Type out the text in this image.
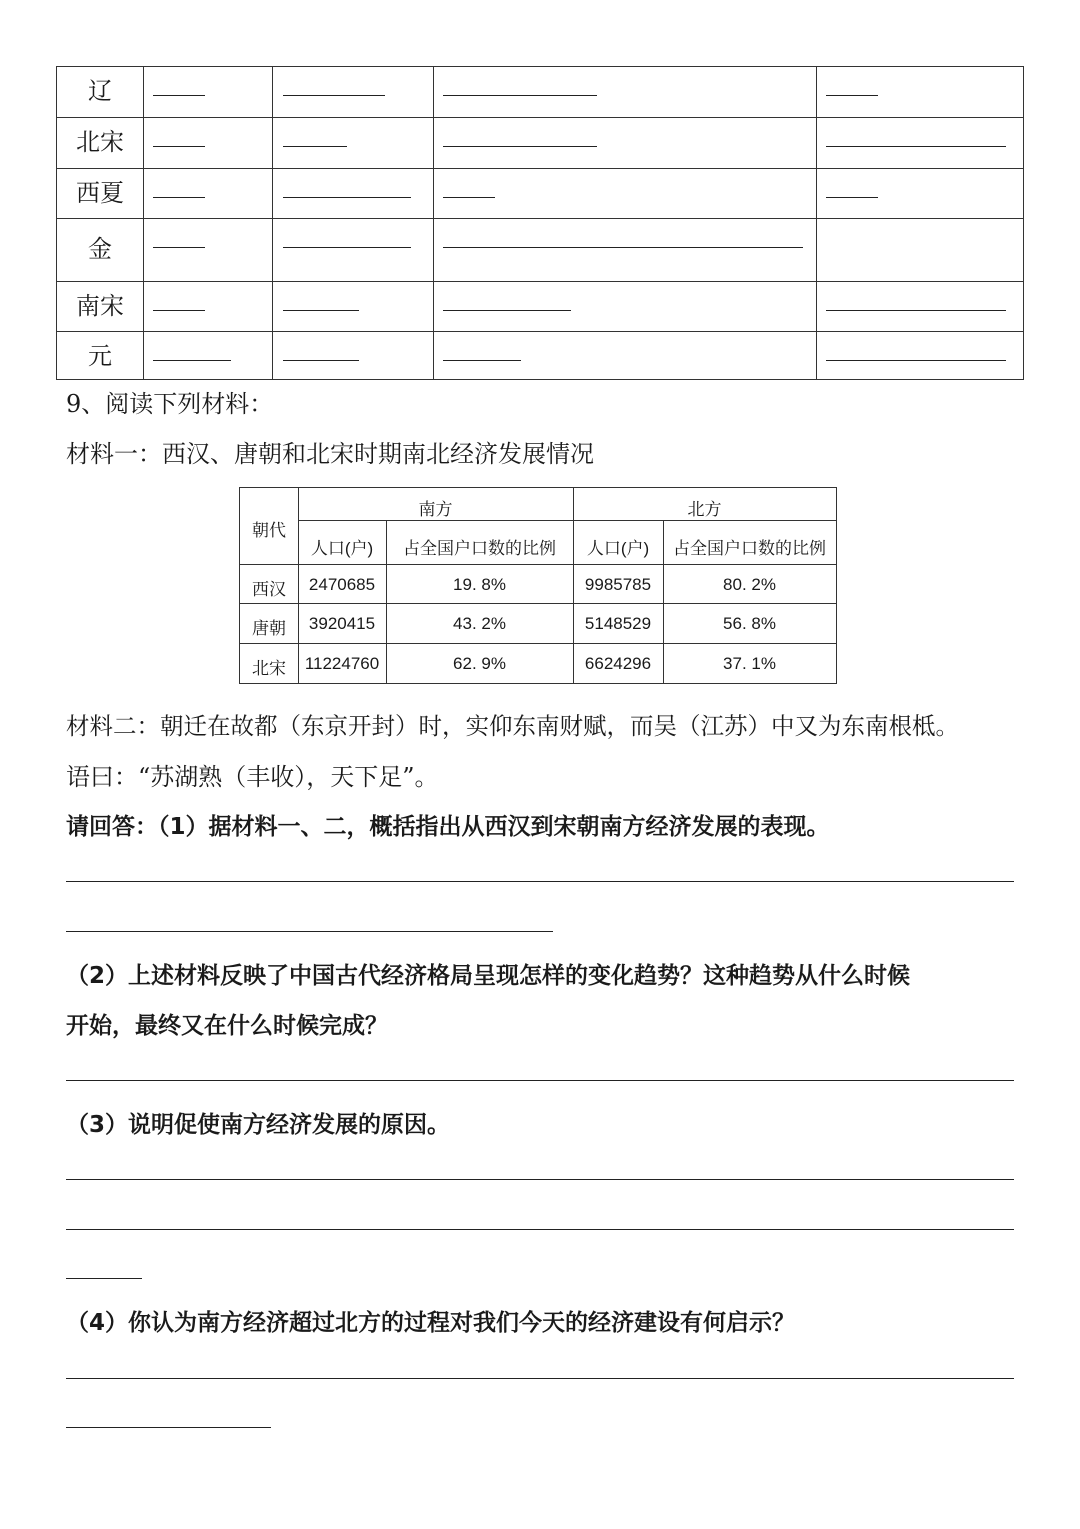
辽
北宋
西夏
金
南宋
元
9、阅读下列材料：
材料一：西汉、唐朝和北宋时期南北经济发展情况
朝代
南方	北方
人口(户)	占全国户口数的比例	人口(户)	占全国户口数的比例
西汉	2470685	19. 8%	9985785	80. 2%
唐朝	3920415	43. 2%	5148529	56. 8%
北宋	11224760	62. 9%	6624296	37. 1%
材料二：朝迁在故都（东京开封）时，实仰东南财赋，而吴（江苏）中又为东南根柢。
语曰：“苏湖熟（丰收），天下足”。
请回答：（1）据材料一、二，概括指出从西汉到宋朝南方经济发展的表现。
（2）上述材料反映了中国古代经济格局呈现怎样的变化趋势？这种趋势从什么时候
开始，最终又在什么时候完成？
（3）说明促使南方经济发展的原因。
（4）你认为南方经济超过北方的过程对我们今天的经济建设有何启示？
